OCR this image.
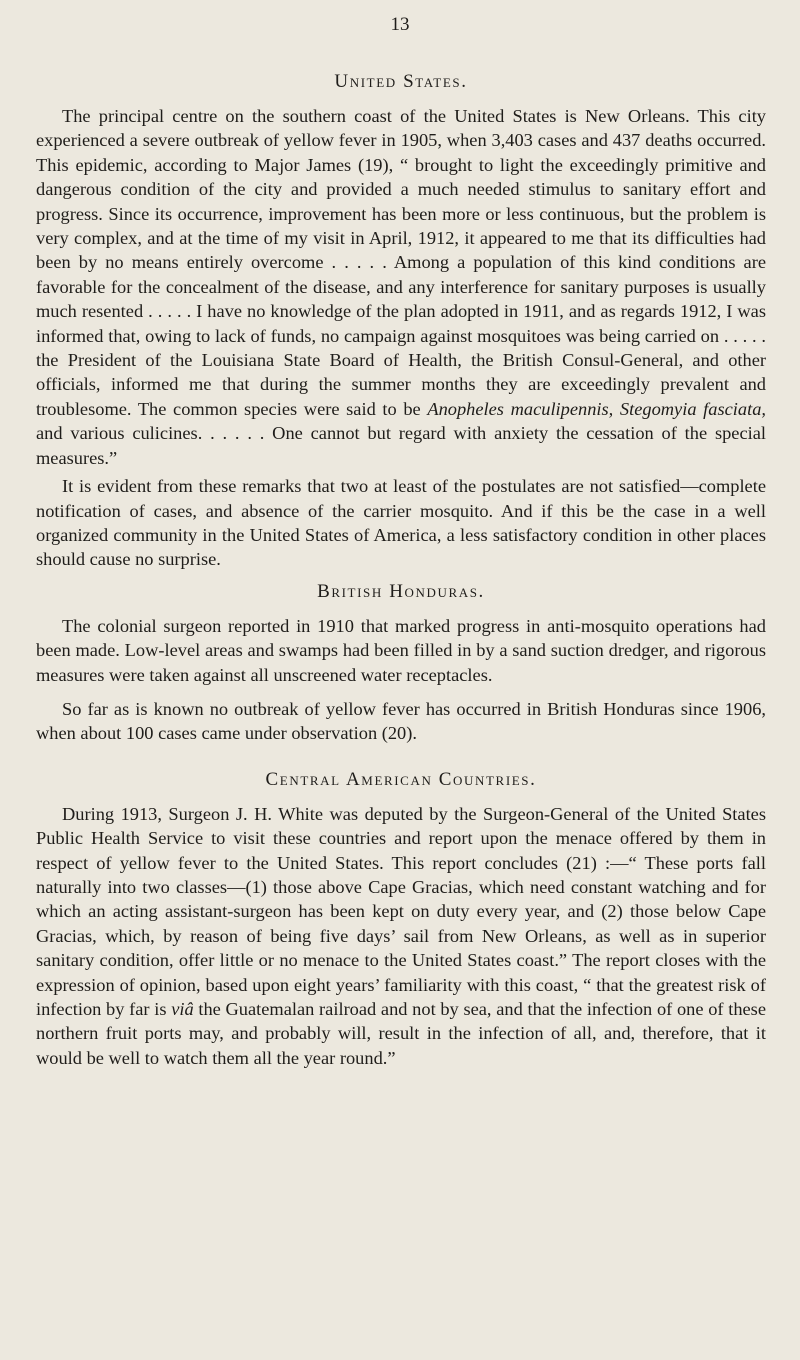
13
United States.

The principal centre on the southern coast of the United States is New Orleans. This city experienced a severe outbreak of yellow fever in 1905, when 3,403 cases and 437 deaths occurred. This epidemic, according to Major James (19), “ brought to light the exceedingly primitive and dangerous condition of the city and provided a much needed stimulus to sanitary effort and progress. Since its occurrence, improvement has been more or less continuous, but the problem is very complex, and at the time of my visit in April, 1912, it appeared to me that its difficulties had been by no means entirely overcome . . . . . Among a population of this kind conditions are favorable for the concealment of the disease, and any interference for sanitary purposes is usually much resented . . . . . I have no knowledge of the plan adopted in 1911, and as regards 1912, I was informed that, owing to lack of funds, no campaign against mosquitoes was being carried on . . . . . the President of the Louisiana State Board of Health, the British Consul-General, and other officials, informed me that during the summer months they are exceedingly prevalent and troublesome. The common species were said to be Anopheles maculipennis, Stegomyia fasciata, and various culicines. . . . . . One cannot but regard with anxiety the cessation of the special measures.”

It is evident from these remarks that two at least of the postulates are not satisfied—complete notification of cases, and absence of the carrier mosquito. And if this be the case in a well organized community in the United States of America, a less satisfactory condition in other places should cause no surprise.

British Honduras.

The colonial surgeon reported in 1910 that marked progress in anti-mosquito operations had been made. Low-level areas and swamps had been filled in by a sand suction dredger, and rigorous measures were taken against all unscreened water receptacles.

So far as is known no outbreak of yellow fever has occurred in British Honduras since 1906, when about 100 cases came under observation (20).

Central American Countries.

During 1913, Surgeon J. H. White was deputed by the Surgeon-General of the United States Public Health Service to visit these countries and report upon the menace offered by them in respect of yellow fever to the United States. This report concludes (21) :—“ These ports fall naturally into two classes—(1) those above Cape Gracias, which need constant watching and for which an acting assistant-surgeon has been kept on duty every year, and (2) those below Cape Gracias, which, by reason of being five days’ sail from New Orleans, as well as in superior sanitary condition, offer little or no menace to the United States coast.” The report closes with the expression of opinion, based upon eight years’ familiarity with this coast, “ that the greatest risk of infection by far is viâ the Guatemalan railroad and not by sea, and that the infection of one of these northern fruit ports may, and probably will, result in the infection of all, and, therefore, that it would be well to watch them all the year round.”
